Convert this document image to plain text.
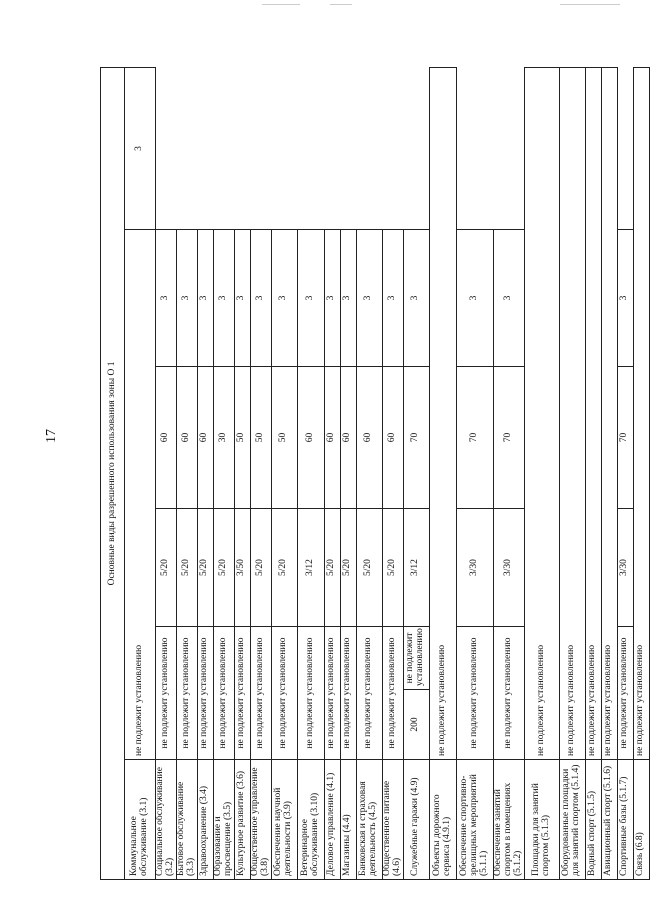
17	Основные виды разрешенного использования зоны О 1						
Коммунальное обслуживание (3.1)	не подлежит установлению					3
Социальное обслуживание (3.2)	не подлежит установлению		5/20	60	3	
Бытовое обслуживание (3.3)	не подлежит установлению		5/20	60	3	
Здравоохранение (3.4)	не подлежит установлению		5/20	60	3	
Образование и просвещение (3.5)	не подлежит установлению		5/20	30	3	
Культурное развитие (3.6)	не подлежит установлению		3/50	50	3	
Общественное управление (3.8)	не подлежит установлению		5/20	50	3	
Обеспечение научной деятельности (3.9)	не подлежит установлению		5/20	50	3	
Ветеринарное обслуживание (3.10)	не подлежит установлению		3/12	60	3	
Деловое управление (4.1)	не подлежит установлению		5/20	60	3	
Магазины (4.4)	не подлежит установлению		5/20	60	3	
Банковская и страховая деятельность (4.5)	не подлежит установлению		5/20	60	3	
Общественное питание (4.6)	не подлежит установлению		5/20	60	3	
Служебные гаражи (4.9)	200	не подлежит установлению	3/12	70	3	
Объекты дорожного сервиса (4.9.1)	не подлежит установлению					
Обеспечение спортивно-зрелищных мероприятий (5.1.1)	не подлежит установлению		3/30	70	3	
Обеспечение занятий спортом в помещениях (5.1.2)	не подлежит установлению		3/30	70	3	
Площадки для занятий спортом (5.1.3)	не подлежит установлению					
Оборудованные площадки для занятий спортом (5.1.4)	не подлежит установлению					
Водный спорт (5.1.5)	не подлежит установлению					
Авиационный спорт (5.1.6)	не подлежит установлению					
Спортивные базы (5.1.7)	не подлежит установлению		3/30	70	3	
Связь (6.8)	не подлежит установлению					
